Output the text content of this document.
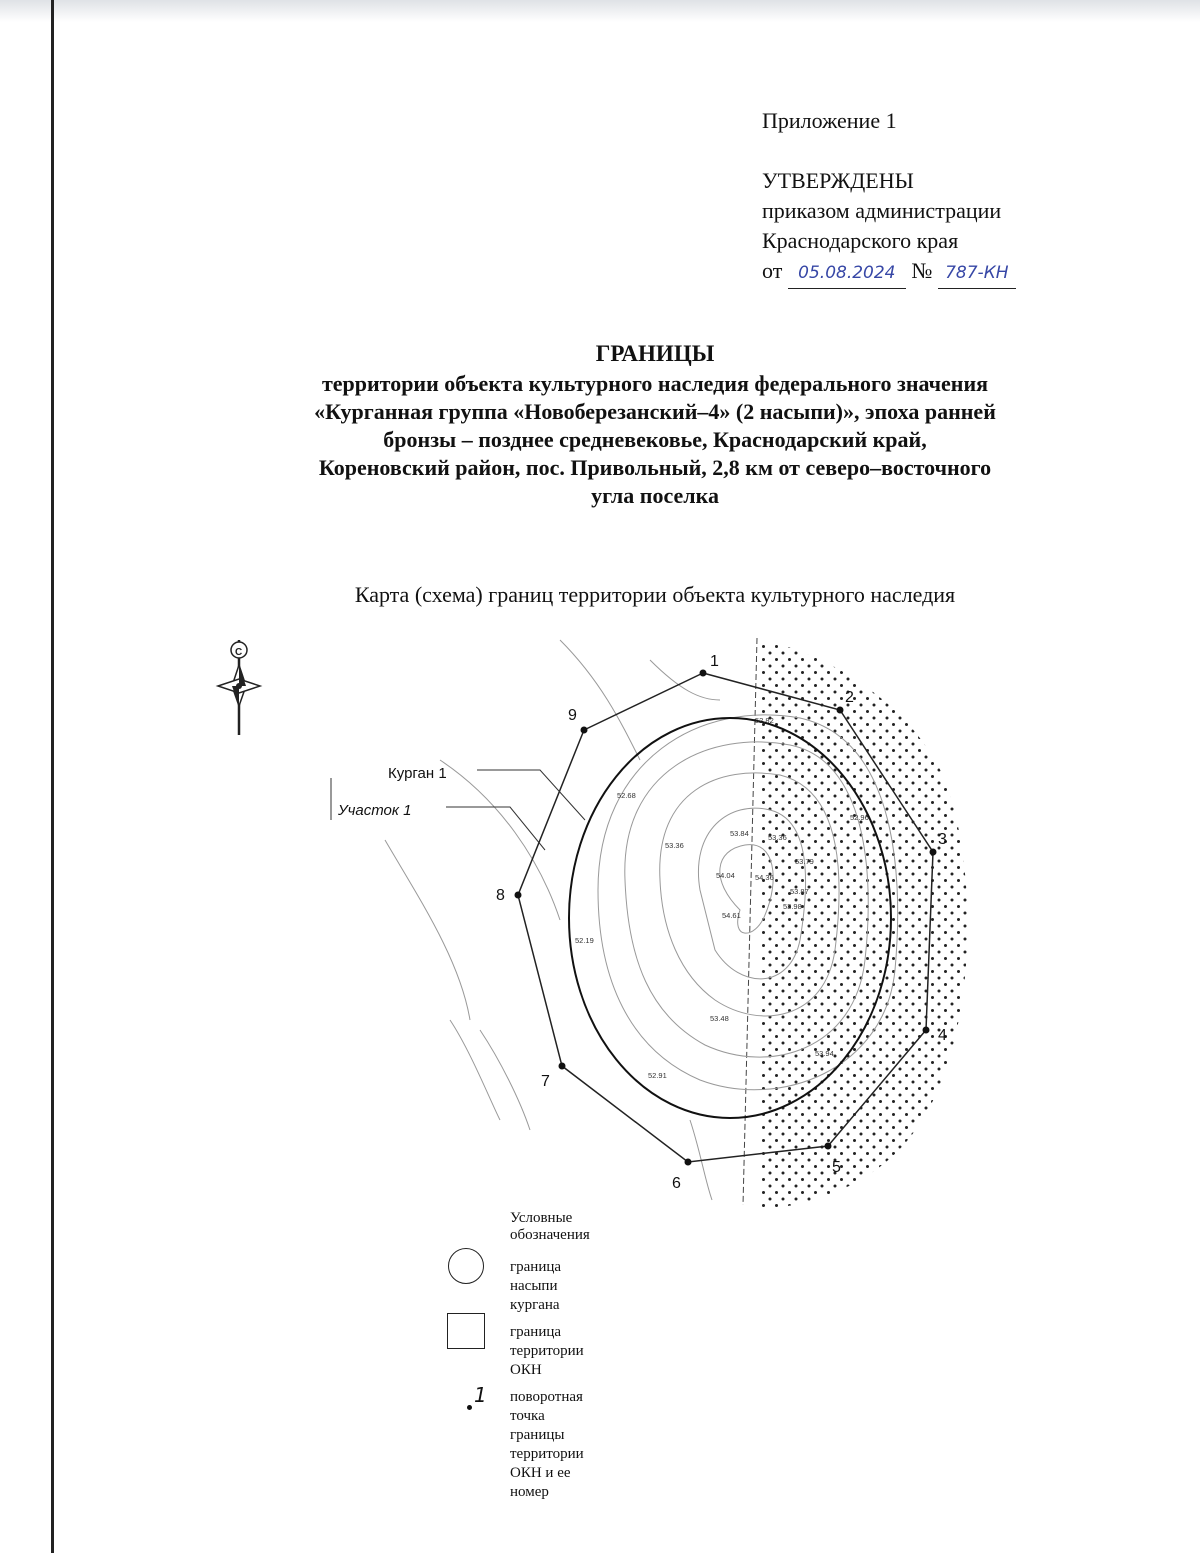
Приложение 1
УТВЕРЖДЕНЫ
приказом администрации
Краснодарского края
от 05.08.2024 № 787-КН
ГРАНИЦЫ
территории объекта культурного наследия федерального значения
«Курганная группа «Новоберезанский–4» (2 насыпи)», эпоха ранней
бронзы – позднее средневековье, Краснодарский край,
Кореновский район, пос. Привольный, 2,8 км от северо–восточного
угла поселка
Карта (схема) границ территории объекта культурного наследия
1
2
3
4
5
6
7
8
9	52.82
52.68
52.96
53.84
53.36
53.36
53.79
54.04	54.36
53.87
53.98
54.61
52.19
53.48
53.94
52.91
Курган 1
Участок 1
С
Условные обозначения
граница насыпи кургана
граница территории ОКН
1 поворотная точка границы территории
ОКН и ее номер
